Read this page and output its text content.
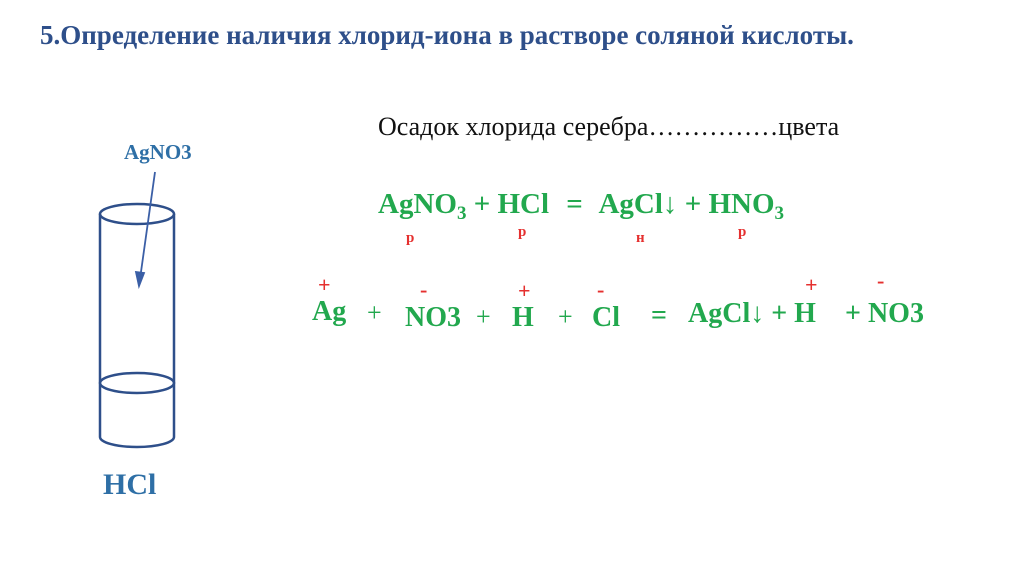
5.Определение наличия хлорид-иона в растворе соляной кислоты.
Осадок хлорида серебра……………цвета
AgNO3
HCl
AgNO$_3$ + HCl = AgCl↓ + $HNO_3$
р	р	н	р
+
Ag +
-
NO3 +
+
H +
-
Cl = AgCl↓ + H
+	-
+ NO3
